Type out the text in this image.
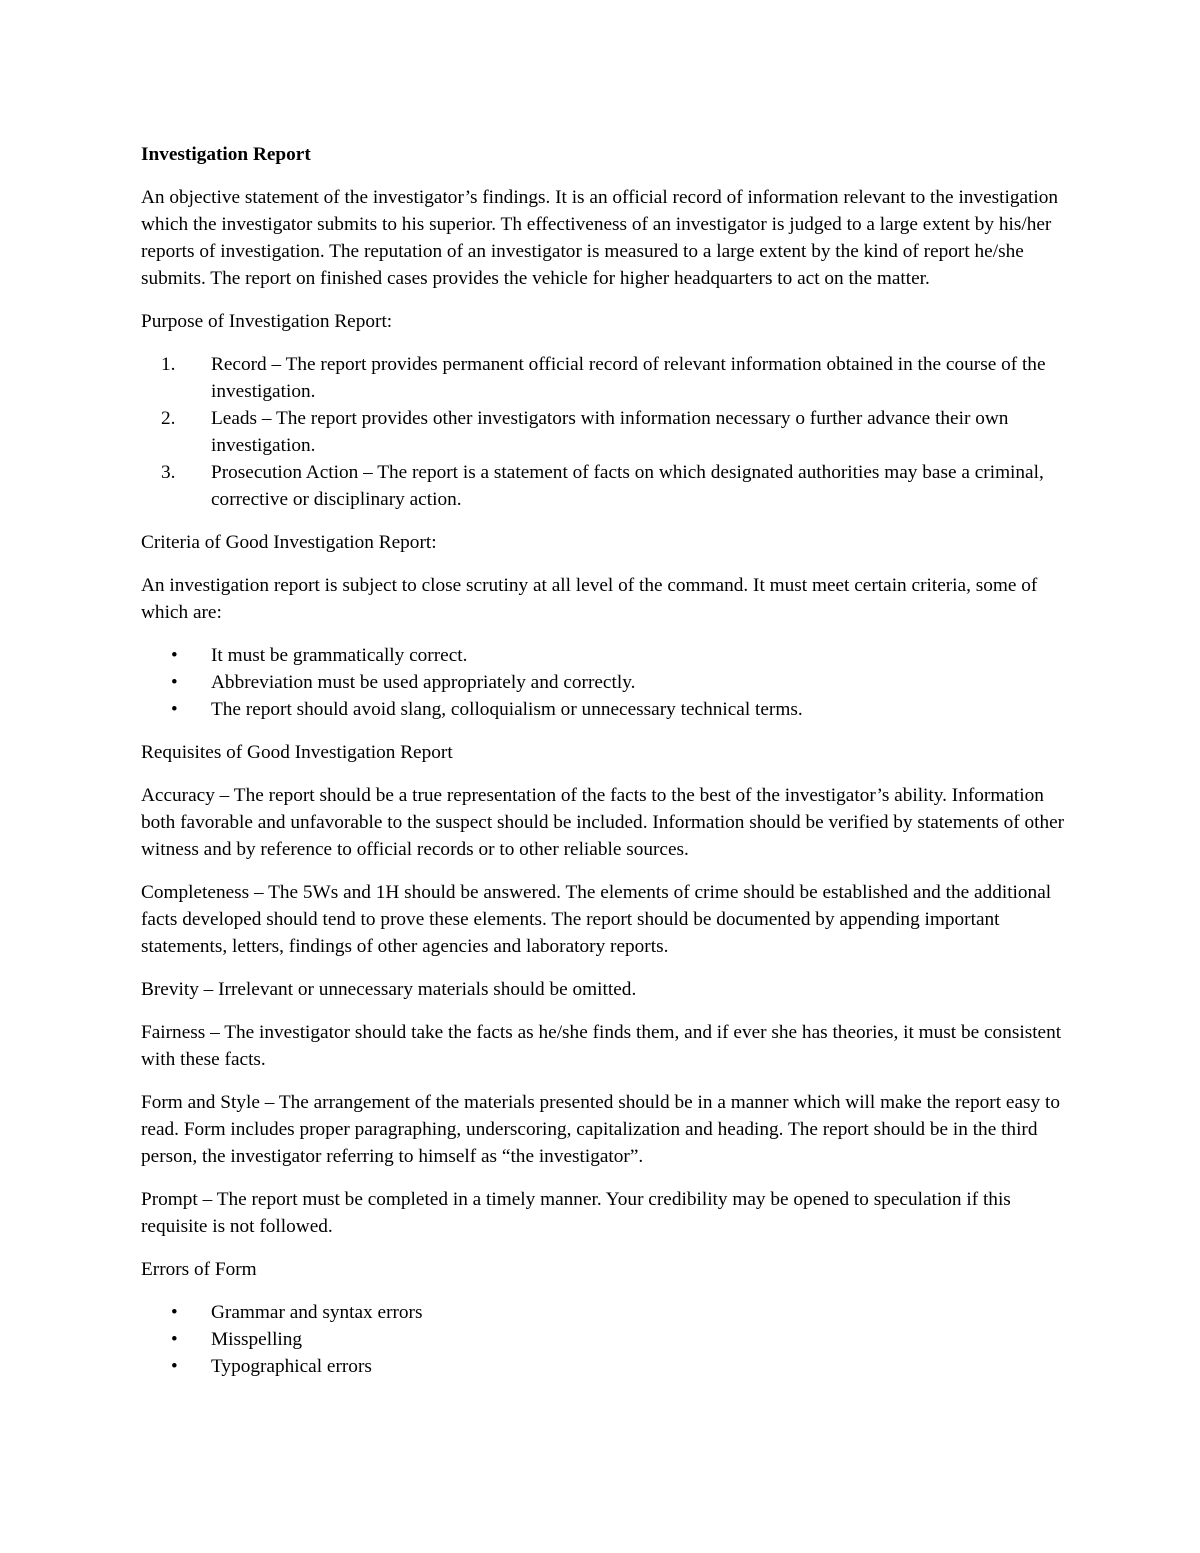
Investigation Report

An objective statement of the investigator’s findings. It is an official record of information relevant to the investigation which the investigator submits to his superior. Th effectiveness of an investigator is judged to a large extent by his/her reports of investigation. The reputation of an investigator is measured to a large extent by the kind of report he/she submits. The report on finished cases provides the vehicle for higher headquarters to act on the matter.

Purpose of Investigation Report:

1. Record – The report provides permanent official record of relevant information obtained in the course of the investigation.
2. Leads – The report provides other investigators with information necessary o further advance their own investigation.
3. Prosecution Action – The report is a statement of facts on which designated authorities may base a criminal, corrective or disciplinary action.

Criteria of Good Investigation Report:

An investigation report is subject to close scrutiny at all level of the command. It must meet certain criteria, some of which are:

• It must be grammatically correct.
• Abbreviation must be used appropriately and correctly.
• The report should avoid slang, colloquialism or unnecessary technical terms.

Requisites of Good Investigation Report

Accuracy – The report should be a true representation of the facts to the best of the investigator’s ability. Information both favorable and unfavorable to the suspect should be included. Information should be verified by statements of other witness and by reference to official records or to other reliable sources.

Completeness – The 5Ws and 1H should be answered. The elements of crime should be established and the additional facts developed should tend to prove these elements. The report should be documented by appending important statements, letters, findings of other agencies and laboratory reports.

Brevity – Irrelevant or unnecessary materials should be omitted.

Fairness – The investigator should take the facts as he/she finds them, and if ever she has theories, it must be consistent with these facts.

Form and Style – The arrangement of the materials presented should be in a manner which will make the report easy to read. Form includes proper paragraphing, underscoring, capitalization and heading. The report should be in the third person, the investigator referring to himself as “the investigator”.

Prompt – The report must be completed in a timely manner. Your credibility may be opened to speculation if this requisite is not followed.

Errors of Form

• Grammar and syntax errors
• Misspelling
• Typographical errors
